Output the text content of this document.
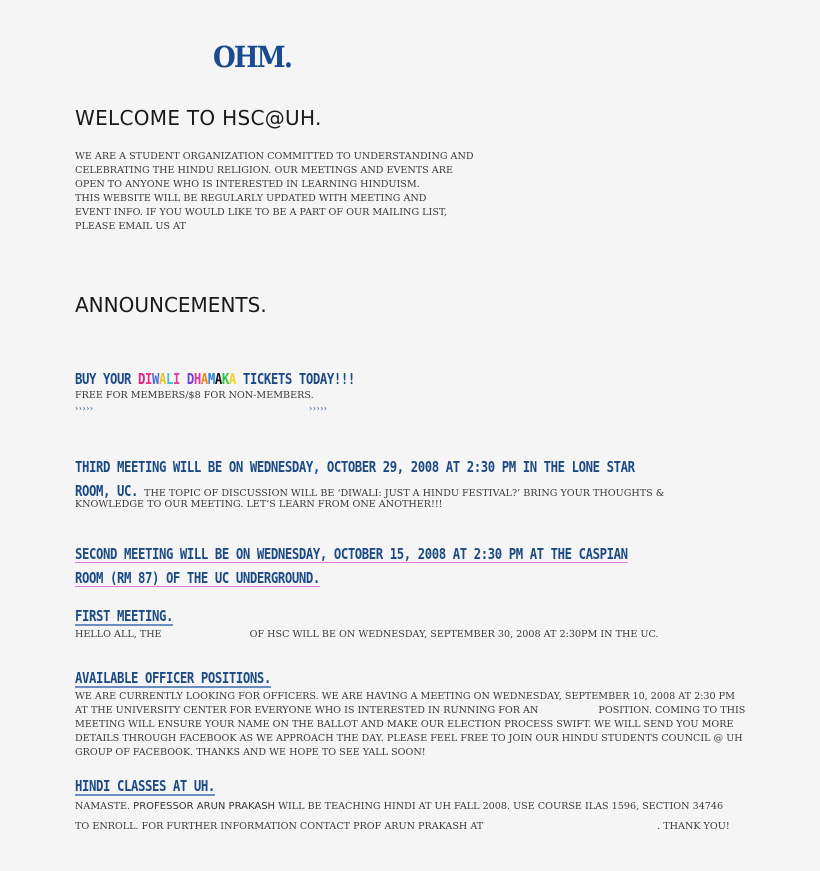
OHM.
WELCOME TO HSC@UH.
WE ARE A STUDENT ORGANIZATION COMMITTED TO UNDERSTANDING AND
CELEBRATING THE HINDU RELIGION. OUR MEETINGS AND EVENTS ARE
OPEN TO ANYONE WHO IS INTERESTED IN LEARNING HINDUISM.
THIS WEBSITE WILL BE REGULARLY UPDATED WITH MEETING AND
EVENT INFO. IF YOU WOULD LIKE TO BE A PART OF OUR MAILING LIST,
PLEASE EMAIL US AT
ANNOUNCEMENTS.
BUY YOUR DIWALI DHAMAKA TICKETS TODAY!!!
FREE FOR MEMBERS/$8 FOR NON-MEMBERS.
›››››	›››››
THIRD MEETING WILL BE ON WEDNESDAY, OCTOBER 29, 2008 AT 2:30 PM IN THE LONE STAR
ROOM, UC. THE TOPIC OF DISCUSSION WILL BE ‘DIWALI: JUST A HINDU FESTIVAL?’ BRING YOUR THOUGHTS &
KNOWLEDGE TO OUR MEETING. LET’S LEARN FROM ONE ANOTHER!!!
SECOND MEETING WILL BE ON WEDNESDAY, OCTOBER 15, 2008 AT 2:30 PM AT THE CASPIAN
ROOM (RM 87) OF THE UC UNDERGROUND.
FIRST MEETING.
HELLO ALL, THE	OF HSC WILL BE ON WEDNESDAY, SEPTEMBER 30, 2008 AT 2:30PM IN THE UC.
AVAILABLE OFFICER POSITIONS.
WE ARE CURRENTLY LOOKING FOR OFFICERS. WE ARE HAVING A MEETING ON WEDNESDAY, SEPTEMBER 10, 2008 AT 2:30 PM
AT THE UNIVERSITY CENTER FOR EVERYONE WHO IS INTERESTED IN RUNNING FOR AN	POSITION. COMING TO THIS
MEETING WILL ENSURE YOUR NAME ON THE BALLOT AND MAKE OUR ELECTION PROCESS SWIFT. WE WILL SEND YOU MORE
DETAILS THROUGH FACEBOOK AS WE APPROACH THE DAY. PLEASE FEEL FREE TO JOIN OUR HINDU STUDENTS COUNCIL @ UH
GROUP OF FACEBOOK. THANKS AND WE HOPE TO SEE YALL SOON!
HINDI CLASSES AT UH.
NAMASTE. PROFESSOR ARUN PRAKASH WILL BE TEACHING HINDI AT UH FALL 2008. USE COURSE ILAS 1596, SECTION 34746
TO ENROLL. FOR FURTHER INFORMATION CONTACT PROF ARUN PRAKASH AT	. THANK YOU!
